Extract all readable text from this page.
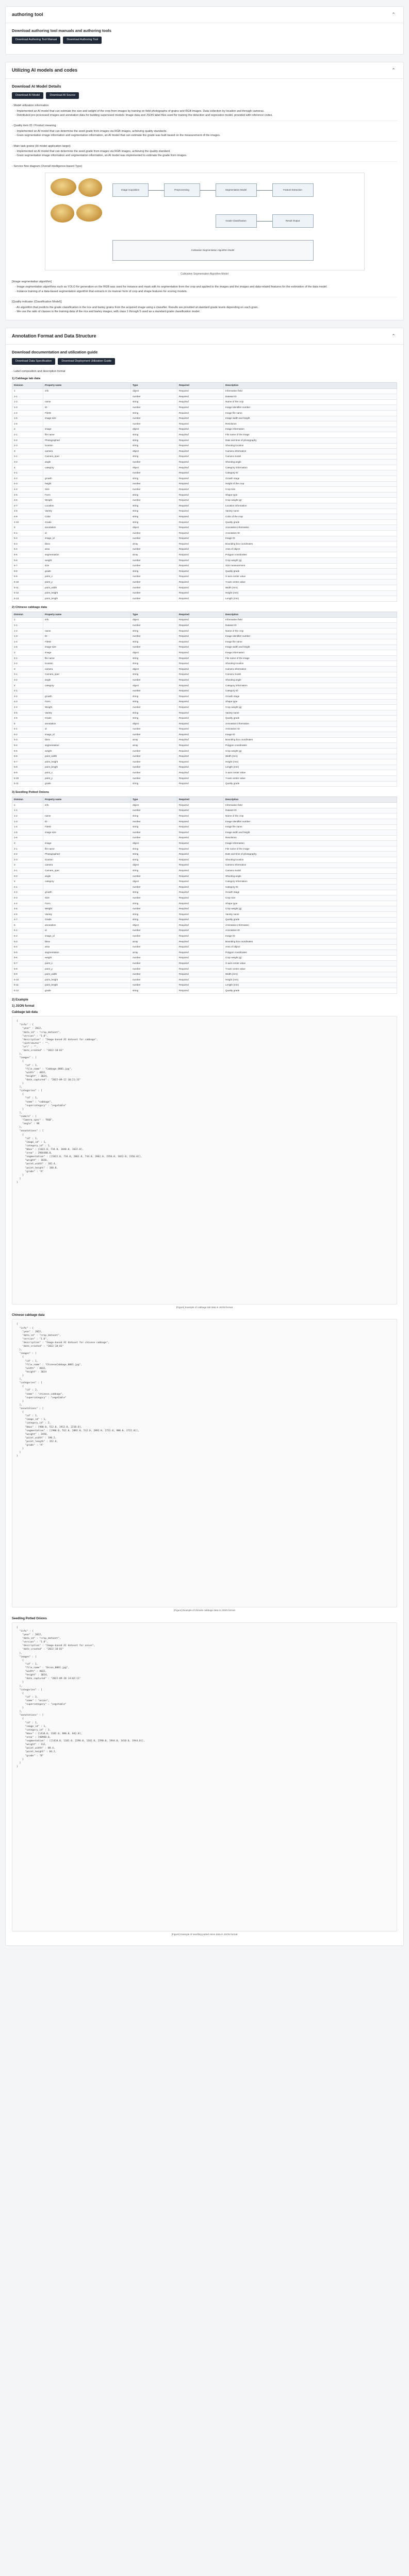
authoring tool	⌃
Download authoring tool manuals and authoring tools
Download Authoring Tool Manual	Download Authoring Tool
Utilizing AI models and codes	⌃
Download AI Model Details
Download AI Model	Download AI Source
- Model utilization information
- Implemented an AI model that can estimate the size and weight of the crop from images by training on field photographs of grains and RGB images. Data collection by location and through cameras.
- Distributed pre-processed images and annotation data for building supervised models: Image data and JSON label files used for training the detection and regression model, provided with reference codes.
- Quality item ID / Product meaning
- Implemented an AI model that can determine the seed grade from images via RGB images, achieving quality standards.
- Grain segmentation image information and segmentation information, an AI model that can estimate the grade was built based on the measurement of the images.
- Main task grains (AI model application target)
- Implemented an AI model that can determine the seed grade from images via RGB images, achieving the quality standard.
- Grain segmentation image information and segmentation information, an AI model was implemented to estimate the grade from images.
- Service flow diagram (Overall intelligence-based Type)
Image Acquisition	Preprocessing	Segmentation Model	Feature Extraction
Grade Classification	Result Output
Cultivation Segmentation Algorithm Model
Cultivation Segmentation Algorithm Model
[Image segmentation algorithm]
- Image segmentation algorithms such as YOLO for generation on the RGB was used for instance and mask with its segmentation from the crop and applied to the images and the images and data-related features for the estimation of the data model.
- Instance training of a data-based segmentation algorithm that extracts in its manner form of crop and shape features for scoring models.
[Quality indicator (Classification Model)]
- An algorithm that predicts the grade classification in the rice and barley grains from the acquired image using a classifier. Results are provided at standard grade levels depending on each grain.
- We use the ratio of classes in the training data of the rice and barley images, with class 1 through 5 used as a standard grade classification model.
Annotation Format and Data Structure	⌃
Download documentation and utilization guide
Download Data Specification	Download Deployment Utilization Guide
- Label composition and description format
1) Cabbage tab data
Division	Property name	Type	Required	Description
1	info	object	Required	Information field
1-1		number	Required	Dataset ID
1-2	name	string	Required	Name of the crop
1-3	ID	number	Required	Image identifier number
1-4	FileID	string	Required	Image file name
1-5	image size	number	Required	Image width and height
1-6		number	Required	Resolution
2	image	object	Required	Image information
2-1	file name	string	Required	File name of the image
2-2	Photographed	string	Required	Date and time of photography
2-3	location	string	Required	Shooting location
3	camera	object	Required	Camera information
3-1	Camera_spec	string	Required	Camera model
3-2	angle	number	Required	Shooting angle
4	category	object	Required	Category information
4-1		number	Required	Category ID
4-2	growth	string	Required	Growth stage
4-3	height	number	Required	Height of the crop
4-4	Size	number	Required	Crop size
4-5	Form	string	Required	Shape type
4-6	Weight	number	Required	Crop weight (g)
4-7	Location	string	Required	Location information
4-8	Variety	string	Required	Variety name
4-9	Color	string	Required	Color of the crop
4-10	Grade	string	Required	Quality grade
5	annotation	object	Required	Annotation information
5-1	id	number	Required	Annotation ID
5-2	image_id	number	Required	Image ID
5-3	bbox	array	Required	Bounding box coordinates
5-4	area	number	Required	Area of object
5-5	segmentation	array	Required	Polygon coordinates
5-6	weight	number	Required	Crop weight (g)
5-7	size	number	Required	Size measurement
5-8	grade	string	Required	Quality grade
5-9	point_x	number	Required	X-axis center value
5-10	point_y	number	Required	Y-axis center value
5-11	point_width	number	Required	Width (mm)
5-12	point_height	number	Required	Height (mm)
5-13	point_length	number	Required	Length (mm)
2) Chinese cabbage data
Division	Property name	Type	Required	Description
1	info	object	Required	Information field
1-1		number	Required	Dataset ID
1-2	name	string	Required	Name of the crop
1-3	ID	number	Required	Image identifier number
1-4	FileID	string	Required	Image file name
1-5	image size	number	Required	Image width and height
2	image	object	Required	Image information
2-1	file name	string	Required	File name of the image
2-2	location	string	Required	Shooting location
3	camera	object	Required	Camera information
3-1	Camera_spec	string	Required	Camera model
3-2	angle	number	Required	Shooting angle
4	category	object	Required	Category information
4-1		number	Required	Category ID
4-2	growth	string	Required	Growth stage
4-3	Form	string	Required	Shape type
4-4	Weight	number	Required	Crop weight (g)
4-5	Variety	string	Required	Variety name
4-6	Grade	string	Required	Quality grade
5	annotation	object	Required	Annotation information
5-1	id	number	Required	Annotation ID
5-2	image_id	number	Required	Image ID
5-3	bbox	array	Required	Bounding box coordinates
5-4	segmentation	array	Required	Polygon coordinates
5-5	weight	number	Required	Crop weight (g)
5-6	point_width	number	Required	Width (mm)
5-7	point_height	number	Required	Height (mm)
5-8	point_length	number	Required	Length (mm)
5-9	point_x	number	Required	X-axis center value
5-10	point_y	number	Required	Y-axis center value
5-11	grade	string	Required	Quality grade
3) Seedling Potted Onions
Division	Property name	Type	Required	Description
1	info	object	Required	Information field
1-1		number	Required	Dataset ID
1-2	name	string	Required	Name of the crop
1-3	ID	number	Required	Image identifier number
1-4	FileID	string	Required	Image file name
1-5	image size	number	Required	Image width and height
1-6		number	Required	Resolution
2	image	object	Required	Image information
2-1	file name	string	Required	File name of the image
2-2	Photographed	string	Required	Date and time of photography
2-3	location	string	Required	Shooting location
3	camera	object	Required	Camera information
3-1	Camera_spec	string	Required	Camera model
3-2	angle	number	Required	Shooting angle
4	category	object	Required	Category information
4-1		number	Required	Category ID
4-2	growth	string	Required	Growth stage
4-3	Size	number	Required	Crop size
4-4	Form	string	Required	Shape type
4-5	Weight	number	Required	Crop weight (g)
4-6	Variety	string	Required	Variety name
4-7	Grade	string	Required	Quality grade
5	annotation	object	Required	Annotation information
5-1	id	number	Required	Annotation ID
5-2	image_id	number	Required	Image ID
5-3	bbox	array	Required	Bounding box coordinates
5-4	area	number	Required	Area of object
5-5	segmentation	array	Required	Polygon coordinates
5-6	weight	number	Required	Crop weight (g)
5-7	point_x	number	Required	X-axis center value
5-8	point_y	number	Required	Y-axis center value
5-9	point_width	number	Required	Width (mm)
5-10	point_height	number	Required	Height (mm)
5-11	point_length	number	Required	Length (mm)
5-12	grade	string	Required	Quality grade
2) Example
1) JSON format
Cabbage tab data
{
"info" : {
"year" : 2022,
"data_id" : "crop_dataset",
"version" : "1.0",
"description" : "Image-based AI dataset for cabbage",
"contributor" : "",
"url" : "",
"date_created" : "2022-10-01"
},
"images" : [
{
"id" : 1,
"file_name" : "Cabbage_0001.jpg",
"width" : 4032,
"height" : 3024,
"date_captured" : "2022-09-12 10:21:33"
}
],
"categories" : [
{
"id" : 1,
"name" : "cabbage",
"supercategory" : "vegetable"
}
],
"camera" : {
"Camera_spec" : "RGB",
"angle" : 90
},
"annotations" : [
{
"id" : 1,
"image_id" : 1,
"category_id" : 1,
"bbox" : [1022.0, 734.0, 1840.0, 1622.0],
"area" : 2984480.0,
"segmentation" : [[1022.0, 734.0, 2862.0, 734.0, 2862.0, 2356.0, 1022.0, 2356.0]],
"weight" : 1820,
"point_width" : 182.4,
"point_height" : 160.8,
"grade" : "A"
}
]
}
[Figure] Example of cabbage tab data in JSON format
Chinese cabbage data
{
"info" : {
"year" : 2022,
"data_id" : "crop_dataset",
"version" : "1.0",
"description" : "Image-based AI dataset for chinese cabbage",
"date_created" : "2022-10-01"
},
"images" : [
{
"id" : 1,
"file_name" : "ChineseCabbage_0001.jpg",
"width" : 4032,
"height" : 3024
}
],
"categories" : [
{
"id" : 2,
"name" : "chinese_cabbage",
"supercategory" : "vegetable"
}
],
"annotations" : [
{
"id" : 1,
"image_id" : 1,
"category_id" : 2,
"bbox" : [980.0, 512.0, 1912.0, 2210.0],
"segmentation" : [[980.0, 512.0, 2892.0, 512.0, 2892.0, 2722.0, 980.0, 2722.0]],
"weight" : 2450,
"point_width" : 190.2,
"point_length" : 352.6,
"grade" : "A"
}
]
}
[Figure] Example of chinese cabbage data in JSON format
Seedling Potted Onions
{
"info" : {
"year" : 2022,
"data_id" : "crop_dataset",
"version" : "1.0",
"description" : "Image-based AI dataset for onion",
"date_created" : "2022-10-01"
},
"images" : [
{
"id" : 1,
"file_name" : "Onion_0001.jpg",
"width" : 4032,
"height" : 3024,
"date_captured" : "2022-09-20 14:02:11"
}
],
"categories" : [
{
"id" : 3,
"name" : "onion",
"supercategory" : "vegetable"
}
],
"annotations" : [
{
"id" : 1,
"image_id" : 1,
"category_id" : 3,
"bbox" : [1410.0, 1102.0, 880.0, 842.0],
"area" : 740960.0,
"segmentation" : [[1410.0, 1102.0, 2290.0, 1102.0, 2290.0, 1944.0, 1410.0, 1944.0]],
"weight" : 312,
"point_width" : 88.4,
"point_height" : 84.2,
"grade" : "B"
}
]
}
[Figure] Example of seedling potted onion data in JSON format
